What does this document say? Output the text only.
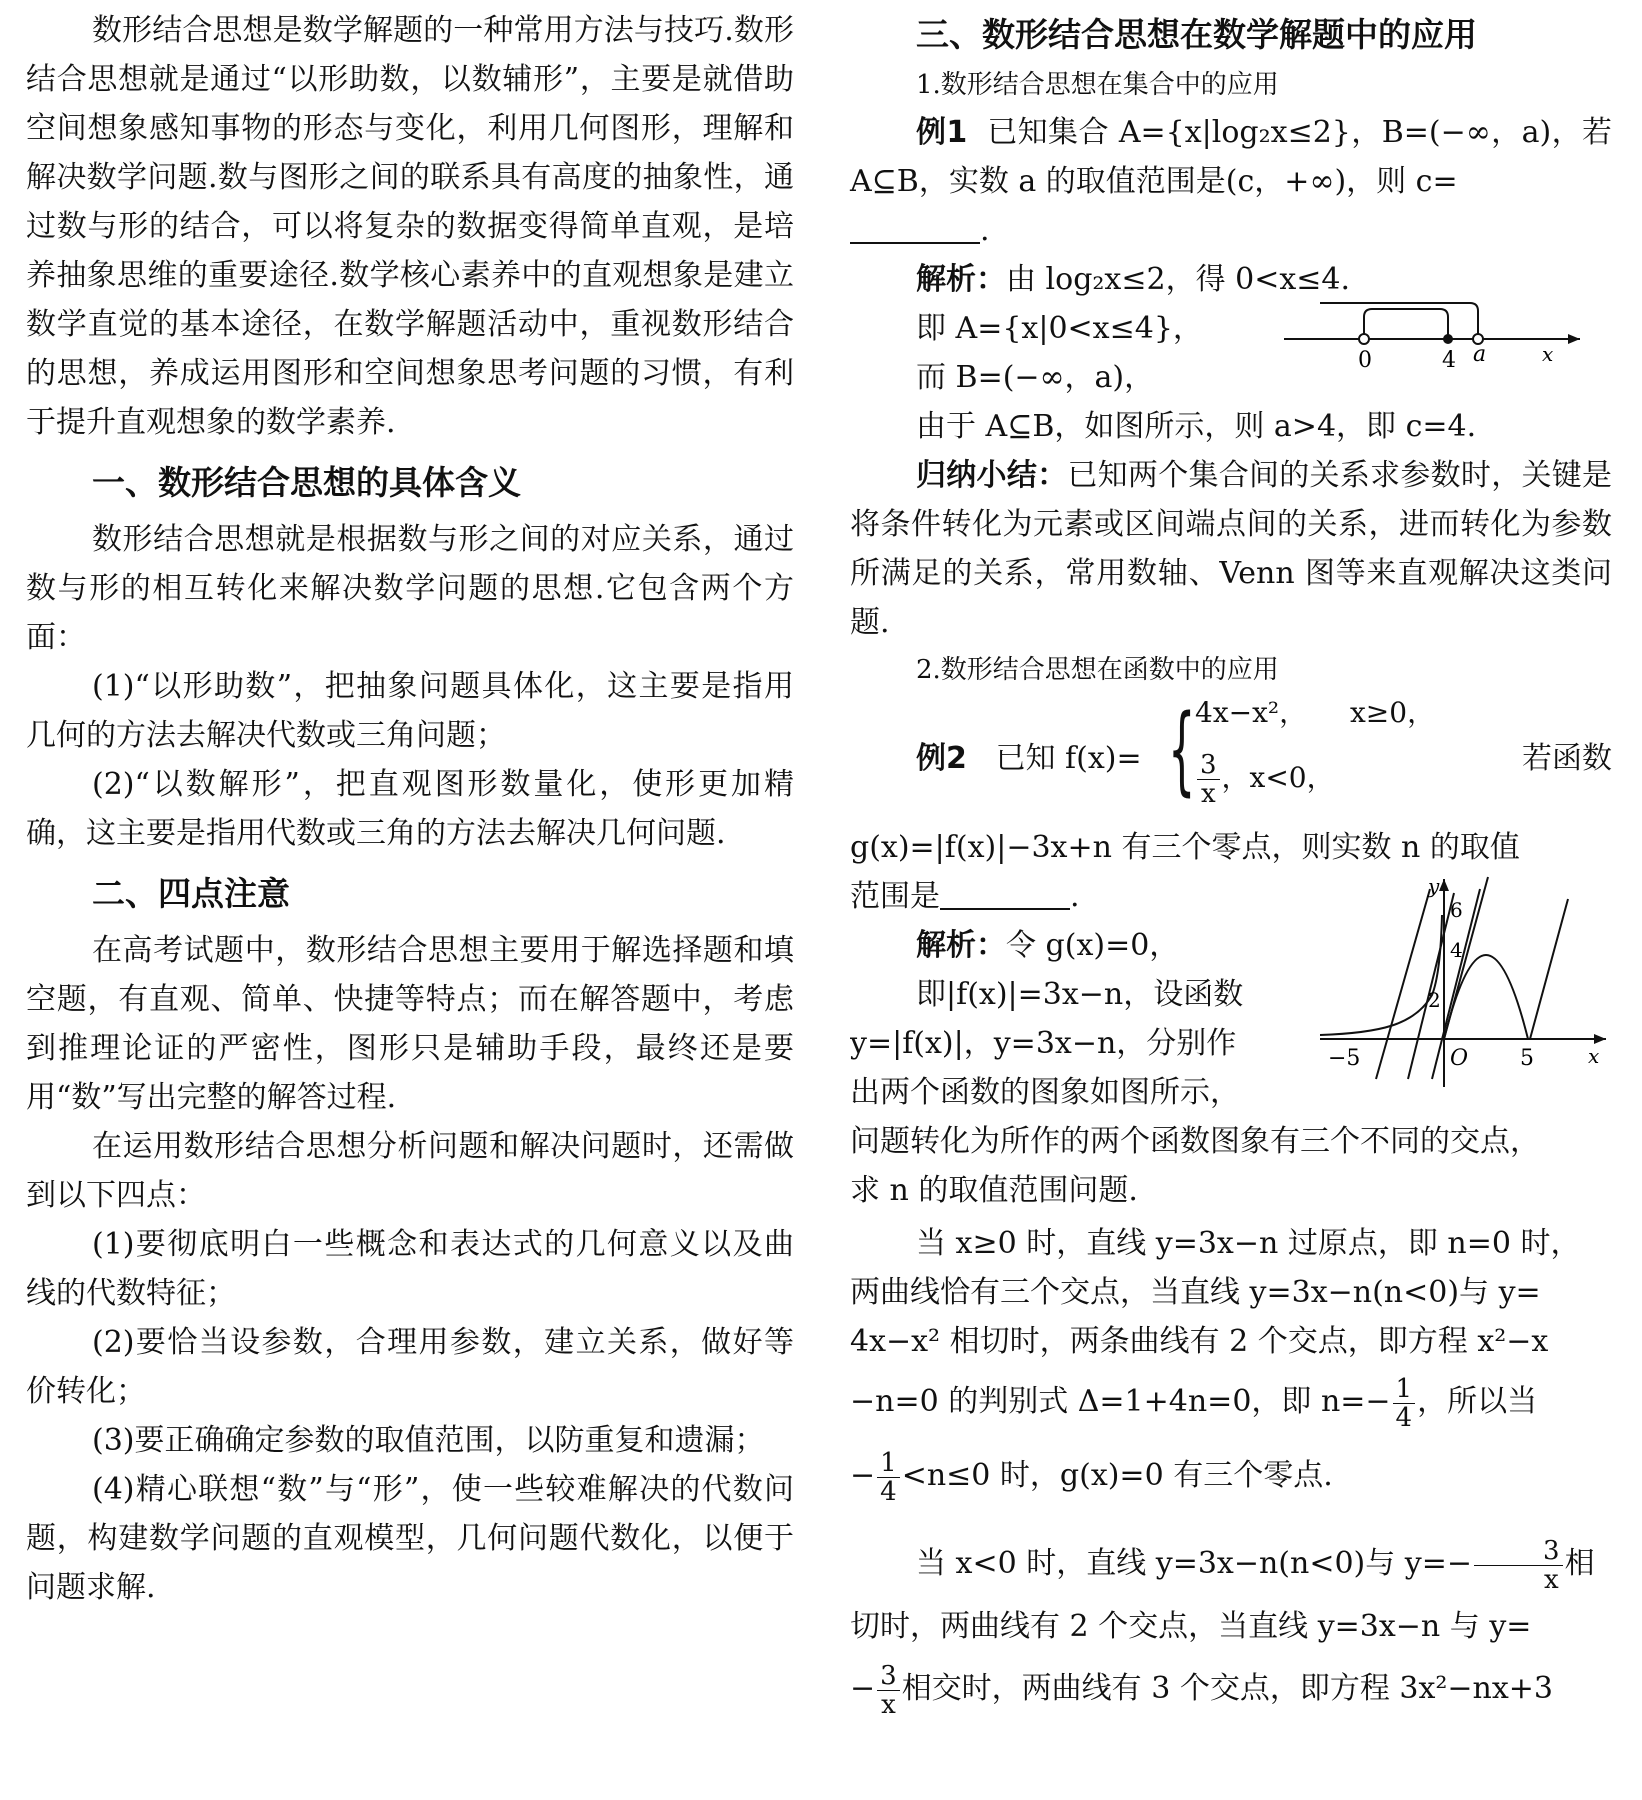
数形结合思想是数学解题的一种常用方法与技巧.数形结合思想就是通过“以形助数，以数辅形”，主要是就借助空间想象感知事物的形态与变化，利用几何图形，理解和解决数学问题.数与图形之间的联系具有高度的抽象性，通过数与形的结合，可以将复杂的数据变得简单直观，是培养抽象思维的重要途径.数学核心素养中的直观想象是建立数学直觉的基本途径，在数学解题活动中，重视数形结合的思想，养成运用图形和空间想象思考问题的习惯，有利于提升直观想象的数学素养.

一、数形结合思想的具体含义

数形结合思想就是根据数与形之间的对应关系，通过数与形的相互转化来解决数学问题的思想.它包含两个方面：

(1)“以形助数”，把抽象问题具体化，这主要是指用几何的方法去解决代数或三角问题；

(2)“以数解形”，把直观图形数量化，使形更加精确，这主要是指用代数或三角的方法去解决几何问题.

二、四点注意

在高考试题中，数形结合思想主要用于解选择题和填空题，有直观、简单、快捷等特点；而在解答题中，考虑到推理论证的严密性，图形只是辅助手段，最终还是要用“数”写出完整的解答过程.

在运用数形结合思想分析问题和解决问题时，还需做到以下四点：

(1)要彻底明白一些概念和表达式的几何意义以及曲线的代数特征；

(2)要恰当设参数，合理用参数，建立关系，做好等价转化；

(3)要正确确定参数的取值范围，以防重复和遗漏；

(4)精心联想“数”与“形”，使一些较难解决的代数问题，构建数学问题的直观模型，几何问题代数化，以便于问题求解.

三、数形结合思想在数学解题中的应用
1.数形结合思想在集合中的应用

例1 已知集合 A={x|log₂x≤2}，B=(−∞，a)，若 A⊆B，实数 a 的取值范围是(c，+∞)，则 c=
.

解析：由 log₂x≤2，得 0<x≤4.

即 A={x|0<x≤4}，

而 B=(−∞，a)，

由于 A⊆B，如图所示，则 a>4，即 c=4.

0	4 a	x

归纳小结：已知两个集合间的关系求参数时，关键是将条件转化为元素或区间端点间的关系，进而转化为参数所满足的关系，常用数轴、Venn 图等来直观解决这类问题.

2.数形结合思想在函数中的应用
例2 已知 f(x)= { 4x−x²， x≥0，
$\frac{3}{x}$ ，x<0，
若函数

g(x)=|f(x)|−3x+n 有三个零点，则实数 n 的取值

范围是	.

解析：令 g(x)=0，

即|f(x)|=3x−n，设函数

y=|f(x)|，y=3x−n，分别作

出两个函数的图象如图所示，

y
6
4
2
−5	O 5	x

问题转化为所作的两个函数图象有三个不同的交点，

求 n 的取值范围问题.

当 x≥0 时，直线 y=3x−n 过原点，即 n=0 时，

两曲线恰有三个交点，当直线 y=3x−n(n<0)与 y=

4x−x² 相切时，两条曲线有 2 个交点，即方程 x²−x

−n=0 的判别式 Δ=1+4n=0，即 $n=- \frac{1}{4}$ ，所以当

− $\frac{1}{4} <n\le 0$ 时，g(x)=0 有三个零点.

当 x<0 时，直线 y=3x−n(n<0)与 $y=- \frac{3}{x}$ 相

切时，两曲线有 2 个交点，当直线 y=3x−n 与 y=

− $\frac{3}{x}$ 相交时，两曲线有 3 个交点，即方程 3x²−nx+3
